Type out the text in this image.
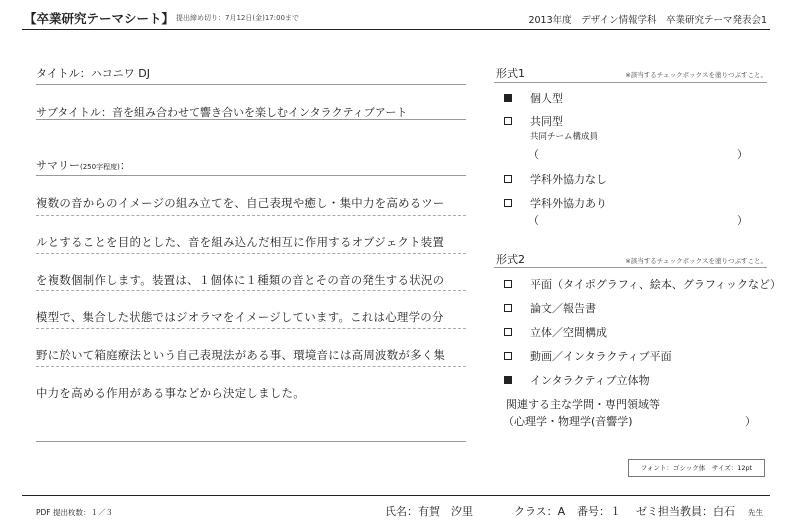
【卒業研究テーマシート】 提出締め切り：7月12日(金)17:00まで	2013年度　デザイン情報学科　卒業研究テーマ発表会1
タイトル：ハコニワ DJ
サブタイトル：音を組み合わせて響き合いを楽しむインタラクティブアート
サマリー(250字程度)：
複数の音からのイメージの組み立てを、自己表現や癒し・集中力を高めるツー
ルとすることを目的とした、音を組み込んだ相互に作用するオブジェクト装置
を複数個制作します。装置は、１個体に１種類の音とその音の発生する状況の
模型で、集合した状態ではジオラマをイメージしています。これは心理学の分
野に於いて箱庭療法という自己表現法がある事、環境音には高周波数が多く集
中力を高める作用がある事などから決定しました。
形式1	※該当するチェックボックスを塗りつぶすこと。
個人型
共同型
共同チーム構成員
（	）
学科外協力なし
学科外協力あり
（	）
形式2	※該当するチェックボックスを塗りつぶすこと。
平面（タイポグラフィ、絵本、グラフィックなど）
論文／報告書
立体／空間構成
動画／インタラクティブ平面
インタラクティブ立体物
関連する主な学問・専門領域等
（心理学・物理学(音響学)	）
フォント：ゴシック体　サイズ：12pt
PDF 提出枚数：１／３	氏名：有賀　汐里	クラス：A 番号：１ ゼミ担当教員：白石 先生
